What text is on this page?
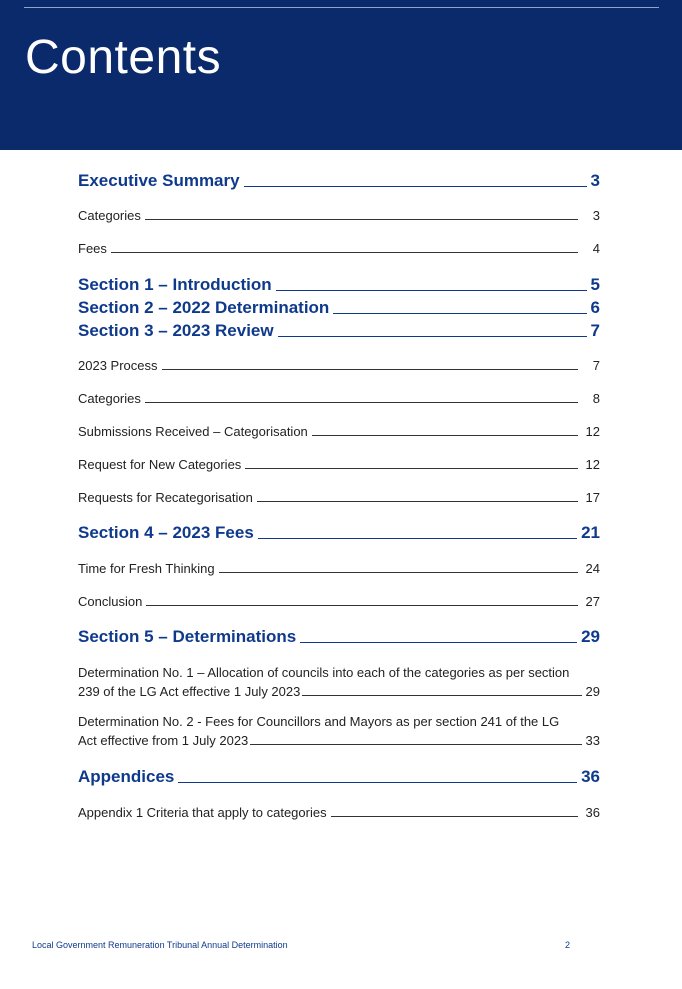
Contents
Executive Summary	3
Categories	3
Fees	4
Section 1 – Introduction	5
Section 2 – 2022 Determination	6
Section 3 – 2023 Review	7
2023 Process	7
Categories	8
Submissions Received – Categorisation	12
Request for New Categories	12
Requests for Recategorisation	17
Section 4 – 2023 Fees	21
Time for Fresh Thinking	24
Conclusion	27
Section 5 – Determinations	29
Determination No. 1 – Allocation of councils into each of the categories as per section
239 of the LG Act effective 1 July 2023	29
Determination No. 2 - Fees for Councillors and Mayors as per section 241 of the LG
Act effective from 1 July 2023	33
Appendices	36
Appendix 1 Criteria that apply to categories	36
Local Government Remuneration Tribunal Annual Determination	2
